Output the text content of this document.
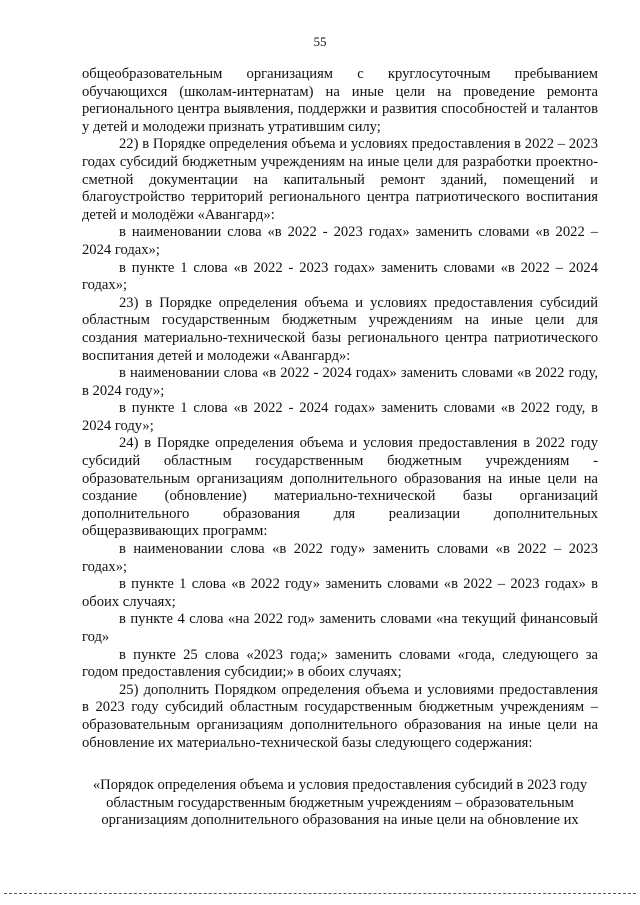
55

общеобразовательным организациям с круглосуточным пребыванием обучающихся (школам-интернатам) на иные цели на проведение ремонта регионального центра выявления, поддержки и развития способностей и талантов у детей и молодежи признать утратившим силу;

22) в Порядке определения объема и условиях предоставления в 2022 – 2023 годах субсидий бюджетным учреждениям на иные цели для разработки проектно-сметной документации на капитальный ремонт зданий, помещений и благоустройство территорий регионального центра патриотического воспитания детей и молодёжи «Авангард»:

в наименовании слова «в 2022 - 2023 годах» заменить словами «в 2022 – 2024 годах»;

в пункте 1 слова «в 2022 - 2023 годах» заменить словами «в 2022 – 2024 годах»;

23) в Порядке определения объема и условиях предоставления субсидий областным государственным бюджетным учреждениям на иные цели для создания материально-технической базы регионального центра патриотического воспитания детей и молодежи «Авангард»:

в наименовании слова «в 2022 - 2024 годах» заменить словами «в 2022 году, в 2024 году»;

в пункте 1 слова «в 2022 - 2024 годах» заменить словами «в 2022 году, в 2024 году»;

24) в Порядке определения объема и условия предоставления в 2022 году субсидий областным государственным бюджетным учреждениям - образовательным организациям дополнительного образования на иные цели на создание (обновление) материально-технической базы организаций дополнительного образования для реализации дополнительных общеразвивающих программ:

в наименовании слова «в 2022 году» заменить словами «в 2022 – 2023 годах»;

в пункте 1 слова «в 2022 году» заменить словами «в 2022 – 2023 годах» в обоих случаях;

в пункте 4 слова «на 2022 год» заменить словами «на текущий финансовый год»

в пункте 25 слова «2023 года;» заменить словами «года, следующего за годом предоставления субсидии;» в обоих случаях;

25) дополнить Порядком определения объема и условиями предоставления в 2023 году субсидий областным государственным бюджетным учреждениям – образовательным организациям дополнительного образования на иные цели на обновление их материально-технической базы следующего содержания:

«Порядок определения объема и условия предоставления субсидий в 2023 году
областным государственным бюджетным учреждениям – образовательным
организациям дополнительного образования на иные цели на обновление их
